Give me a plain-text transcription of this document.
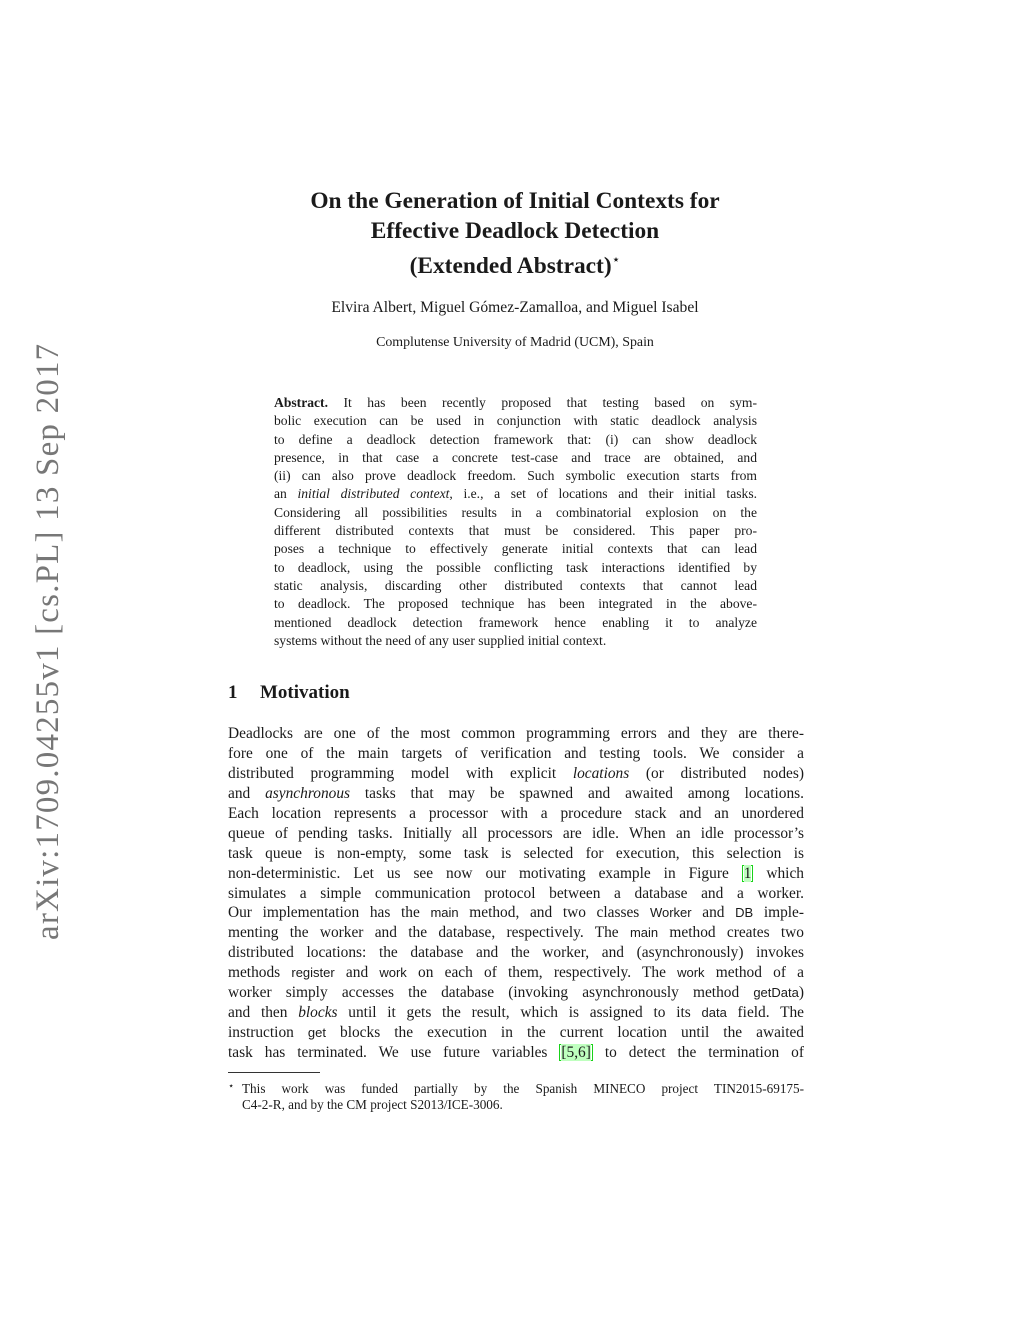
arXiv:1709.04255v1 [cs.PL] 13 Sep 2017
On the Generation of Initial Contexts for
Effective Deadlock Detection
(Extended Abstract)⋆
Elvira Albert, Miguel Gómez-Zamalloa, and Miguel Isabel
Complutense University of Madrid (UCM), Spain
Abstract. It has been recently proposed that testing based on sym-
bolic execution can be used in conjunction with static deadlock analysis
to define a deadlock detection framework that: (i) can show deadlock
presence, in that case a concrete test-case and trace are obtained, and
(ii) can also prove deadlock freedom. Such symbolic execution starts from
an initial distributed context, i.e., a set of locations and their initial tasks.
Considering all possibilities results in a combinatorial explosion on the
different distributed contexts that must be considered. This paper pro-
poses a technique to effectively generate initial contexts that can lead
to deadlock, using the possible conflicting task interactions identified by
static analysis, discarding other distributed contexts that cannot lead
to deadlock. The proposed technique has been integrated in the above-
mentioned deadlock detection framework hence enabling it to analyze
systems without the need of any user supplied initial context.
1 Motivation
Deadlocks are one of the most common programming errors and they are there-
fore one of the main targets of verification and testing tools. We consider a
distributed programming model with explicit locations (or distributed nodes)
and asynchronous tasks that may be spawned and awaited among locations.
Each location represents a processor with a procedure stack and an unordered
queue of pending tasks. Initially all processors are idle. When an idle processor’s
task queue is non-empty, some task is selected for execution, this selection is
non-deterministic. Let us see now our motivating example in Figure 1 which
simulates a simple communication protocol between a database and a worker.
Our implementation has the main method, and two classes Worker and DB imple-
menting the worker and the database, respectively. The main method creates two
distributed locations: the database and the worker, and (asynchronously) invokes
methods register and work on each of them, respectively. The work method of a
worker simply accesses the database (invoking asynchronously method getData)
and then blocks until it gets the result, which is assigned to its data field. The
instruction get blocks the execution in the current location until the awaited
task has terminated. We use future variables [5,6] to detect the termination of
⋆ This work was funded partially by the Spanish MINECO project TIN2015-69175-
C4-2-R, and by the CM project S2013/ICE-3006.
